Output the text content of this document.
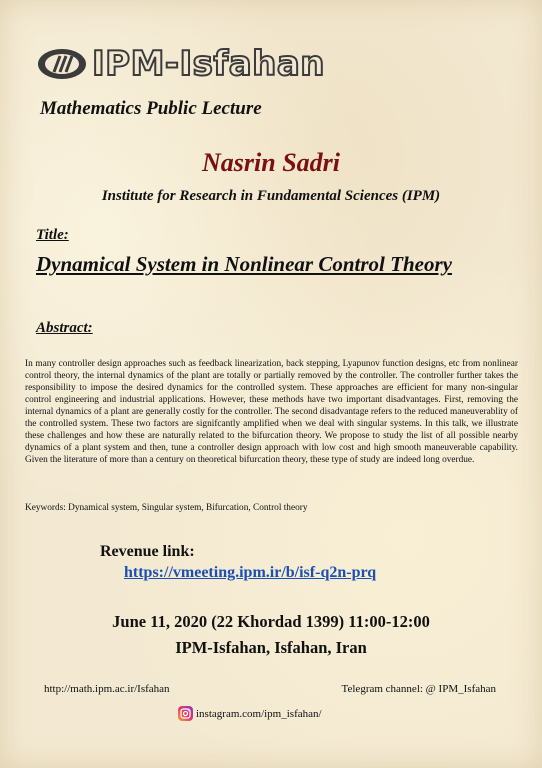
IPM-Isfahan
Mathematics Public Lecture
Nasrin Sadri
Institute for Research in Fundamental Sciences (IPM)
Title:
Dynamical System in Nonlinear Control Theory
Abstract:
In many controller design approaches such as feedback linearization, back stepping, Lyapunov function designs, etc from nonlinear control theory, the internal dynamics of the plant are totally or partially removed by the controller. The controller further takes the responsibility to impose the desired dynamics for the controlled system. These approaches are efficient for many non-singular control engineering and industrial applications. However, these methods have two important disadvantages. First, removing the internal dynamics of a plant are generally costly for the controller. The second disadvantage refers to the reduced maneuverablity of the controlled system. These two factors are signifcantly amplified when we deal with singular systems. In this talk, we illustrate these challenges and how these are naturally related to the bifurcation theory. We propose to study the list of all possible nearby dynamics of a plant system and then, tune a controller design approach with low cost and high smooth maneuverable capability. Given the literature of more than a century on theoretical bifurcation theory, these type of study are indeed long overdue.
Keywords: Dynamical system, Singular system, Bifurcation, Control theory
Revenue link:
https://vmeeting.ipm.ir/b/isf-q2n-prq
June 11, 2020 (22 Khordad 1399) 11:00-12:00
IPM-Isfahan, Isfahan, Iran
http://math.ipm.ac.ir/Isfahan	Telegram channel: @ IPM_Isfahan
instagram.com/ipm_isfahan/
